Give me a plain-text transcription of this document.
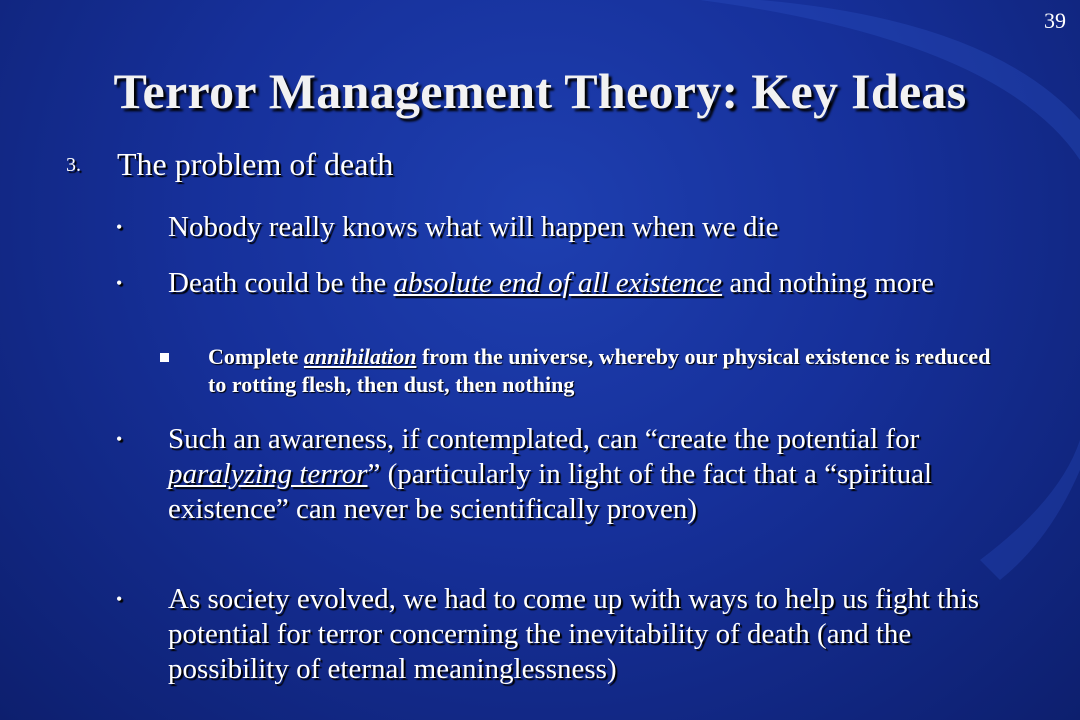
39
Terror Management Theory: Key Ideas
3. The problem of death
• Nobody really knows what will happen when we die
• Death could be the absolute end of all existence and nothing more
Complete annihilation from the universe, whereby our physical existence is reduced to rotting flesh, then dust, then nothing
• Such an awareness, if contemplated, can “create the potential for paralyzing terror” (particularly in light of the fact that a “spiritual existence” can never be scientifically proven)
• As society evolved, we had to come up with ways to help us fight this potential for terror concerning the inevitability of death (and the possibility of eternal meaninglessness)
